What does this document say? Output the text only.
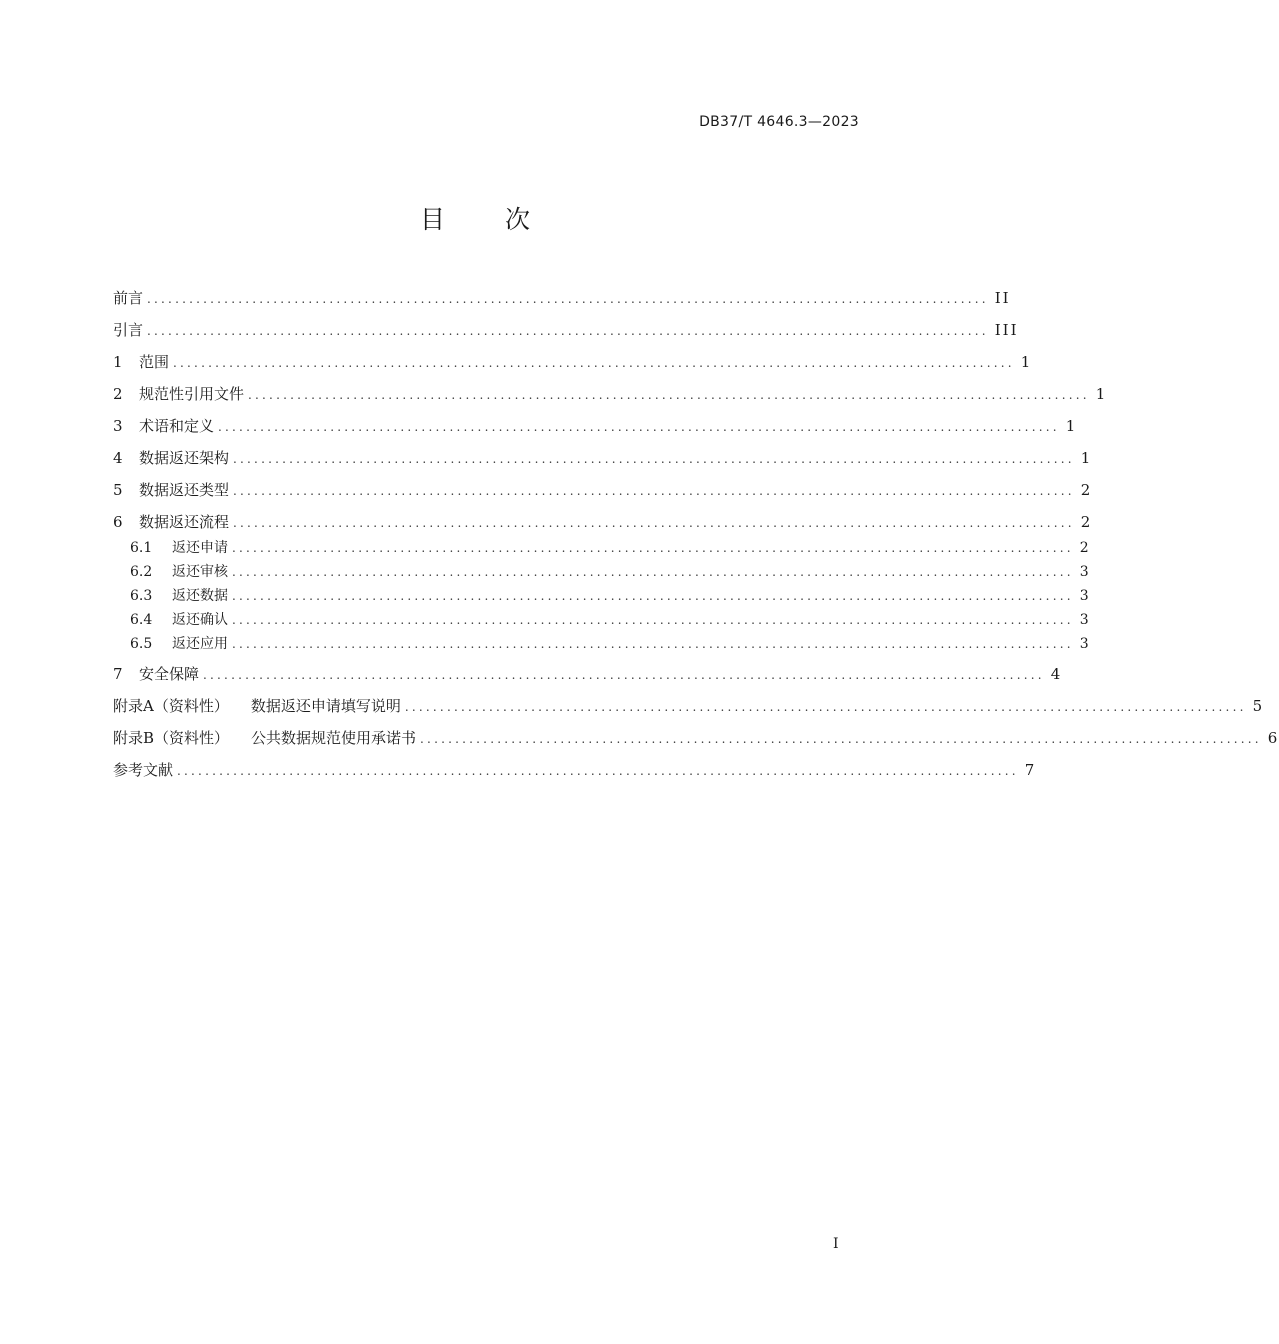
DB37/T 4646.3—2023
目 次
前言 ........................................................................................................................ II
引言 ........................................................................................................................ III
1	范围 ........................................................................................................................ 1
2	规范性引用文件 ........................................................................................................................ 1
3	术语和定义 ........................................................................................................................ 1
4	数据返还架构 ........................................................................................................................ 1
5	数据返还类型 ........................................................................................................................ 2
6	数据返还流程 ........................................................................................................................ 2
6.1	返还申请 ........................................................................................................................ 2
6.2	返还审核 ........................................................................................................................ 3
6.3	返还数据 ........................................................................................................................ 3
6.4	返还确认 ........................................................................................................................ 3
6.5	返还应用 ........................................................................................................................ 3
7	安全保障 ........................................................................................................................ 4
附录A（资料性） 数据返还申请填写说明 ........................................................................................................................ 5
附录B（资料性） 公共数据规范使用承诺书 ........................................................................................................................ 6
参考文献 ........................................................................................................................ 7
I
